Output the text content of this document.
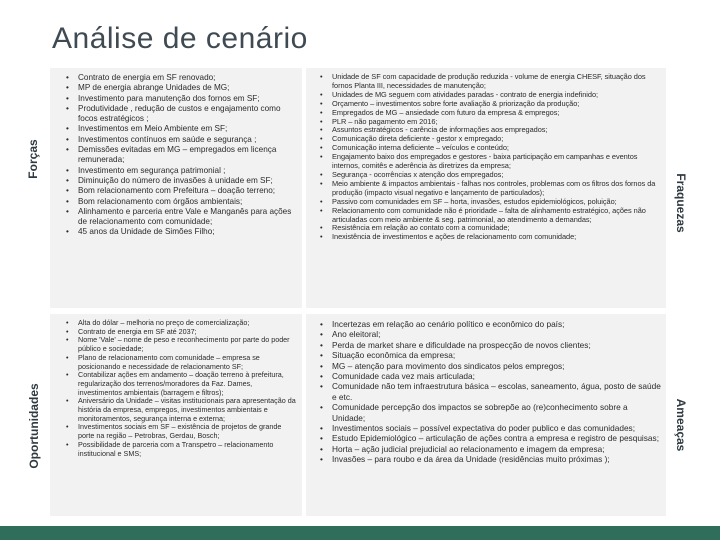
Análise de cenário
Forças
Fraquezas
Oportunidades	Ameaças
• Contrato de energia em SF renovado;
• MP de energia abrange Unidades de MG;
• Investimento para manutenção dos fornos em SF;
• Produtividade , redução de custos e engajamento como focos estratégicos ;
• Investimentos em Meio Ambiente em SF;
• Investimentos contínuos em saúde e segurança ;
• Demissões evitadas em MG – empregados em licença remunerada;
• Investimento em segurança patrimonial ;
• Diminuição do número de invasões à unidade em SF;
• Bom relacionamento com Prefeitura – doação terreno;
• Bom relacionamento com órgãos ambientais;
• Alinhamento e parceria entre Vale e Manganês para ações de relacionamento com comunidade;
• 45 anos da Unidade de Simões Filho;
• Unidade de SF com capacidade de produção reduzida - volume de energia CHESF, situação dos fornos Planta III, necessidades de manutenção;
• Unidades de MG seguem com atividades paradas - contrato de energia indefinido;
• Orçamento – investimentos sobre forte avaliação & priorização da produção;
• Empregados de MG – ansiedade com futuro da empresa & empregos;
• PLR – não pagamento em 2016;
• Assuntos estratégicos - carência de informações aos empregados;
• Comunicação direta deficiente - gestor x empregado;
• Comunicação interna deficiente – veículos e conteúdo;
• Engajamento baixo dos empregados e gestores - baixa participação em campanhas e eventos internos, comitês e aderência às diretrizes da empresa;
• Segurança - ocorrências x atenção dos empregados;
• Meio ambiente & impactos ambientais - falhas nos controles, problemas com os filtros dos fornos da produção (impacto visual negativo e lançamento de particulados);
• Passivo com comunidades em SF – horta, invasões, estudos epidemiológicos, poluição;
• Relacionamento com comunidade não é prioridade – falta de alinhamento estratégico, ações não articuladas com meio ambiente & seg. patrimonial, ao atendimento a demandas;
• Resistência em relação ao contato com a comunidade;
• Inexistência de investimentos e ações de relacionamento com comunidade;
• Alta do dólar – melhoria no preço de comercialização;
• Contrato de energia em SF até 2037;
• Nome 'Vale' – nome de peso e reconhecimento por parte do poder público e sociedade;
• Plano de relacionamento com comunidade – empresa se posicionando e necessidade de relacionamento SF;
• Contabilizar ações em andamento – doação terreno à prefeitura, regularização dos terrenos/moradores da Faz. Dames, investimentos ambientais (barragem e filtros);
• Aniversário da Unidade – visitas institucionais para apresentação da história da empresa, empregos, investimentos ambientais e monitoramentos, segurança interna e externa;
• Investimentos sociais em SF – existência de projetos de grande porte na região – Petrobras, Gerdau, Bosch;
• Possibilidade de parceria com a Transpetro – relacionamento institucional e SMS;
• Incertezas em relação ao cenário político e econômico do país;
• Ano eleitoral;
• Perda de market share e dificuldade na prospecção de novos clientes;
• Situação econômica da empresa;
• MG – atenção para movimento dos sindicatos pelos empregos;
• Comunidade cada vez mais articulada;
• Comunidade não tem infraestrutura básica – escolas, saneamento, água, posto de saúde e etc.
• Comunidade percepção dos impactos se sobrepõe ao (re)conhecimento sobre a Unidade;
• Investimentos sociais – possível expectativa do poder publico e das comunidades;
• Estudo Epidemiológico – articulação de ações contra a empresa e registro de pesquisas;
• Horta – ação judicial prejudicial ao relacionamento e imagem da empresa;
• Invasões – para roubo e da área da Unidade (residências muito próximas );
